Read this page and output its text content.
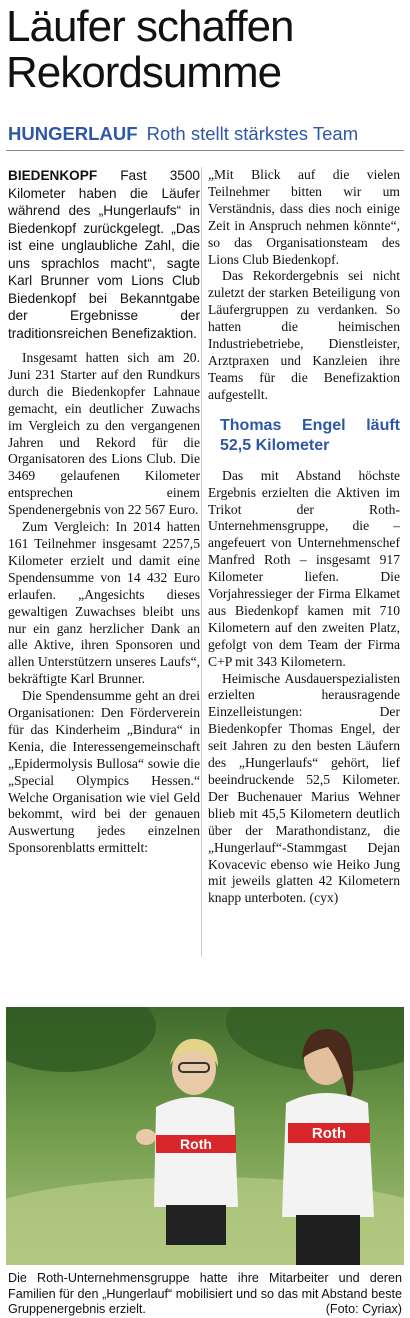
Läufer schaffen Rekordsumme
HUNGERLAUF Roth stellt stärkstes Team

BIEDENKOPF Fast 3500 Kilometer haben die Läufer während des „Hungerlaufs“ in Biedenkopf zurückgelegt. „Das ist eine unglaubliche Zahl, die uns sprachlos macht“, sagte Karl Brunner vom Lions Club Biedenkopf bei Bekanntgabe der Ergebnisse der traditionsreichen Benefizaktion.

Insgesamt hatten sich am 20. Juni 231 Starter auf den Rundkurs durch die Biedenkopfer Lahnaue gemacht, ein deutlicher Zuwachs im Vergleich zu den vergangenen Jahren und Rekord für die Organisatoren des Lions Club. Die 3469 gelaufenen Kilometer entsprechen einem Spendenergebnis von 22 567 Euro.

Zum Vergleich: In 2014 hatten 161 Teilnehmer insgesamt 2257,5 Kilometer erzielt und damit eine Spendensumme von 14 432 Euro erlaufen. „Angesichts dieses gewaltigen Zuwachses bleibt uns nur ein ganz herzlicher Dank an alle Aktive, ihren Sponsoren und allen Unterstützern unseres Laufs“, bekräftigte Karl Brunner.

Die Spendensumme geht an drei Organisationen: Den Förderverein für das Kinderheim „Bindura“ in Kenia, die Interessengemeinschaft „Epidermolysis Bullosa“ sowie die „Special Olympics Hessen.“ Welche Organisation wie viel Geld bekommt, wird bei der genauen Auswertung jedes einzelnen Sponsorenblatts ermittelt:

„Mit Blick auf die vielen Teilnehmer bitten wir um Verständnis, dass dies noch einige Zeit in Anspruch nehmen könnte“, so das Organisationsteam des Lions Club Biedenkopf.

Das Rekordergebnis sei nicht zuletzt der starken Beteiligung von Läufergruppen zu verdanken. So hatten die heimischen Industriebetriebe, Dienstleister, Arztpraxen und Kanzleien ihre Teams für die Benefizaktion aufgestellt.

Thomas Engel läuft 52,5 Kilometer

Das mit Abstand höchste Ergebnis erzielten die Aktiven im Trikot der Roth-Unternehmensgruppe, die – angefeuert von Unternehmenschef Manfred Roth – insgesamt 917 Kilometer liefen. Die Vorjahressieger der Firma Elkamet aus Biedenkopf kamen mit 710 Kilometern auf den zweiten Platz, gefolgt von dem Team der Firma C+P mit 343 Kilometern.

Heimische Ausdauerspezialisten erzielten herausragende Einzelleistungen: Der Biedenkopfer Thomas Engel, der seit Jahren zu den besten Läufern des „Hungerlaufs“ gehört, lief beeindruckende 52,5 Kilometer. Der Buchenauer Marius Wehner blieb mit 45,5 Kilometern deutlich über der Marathondistanz, die „Hungerlauf“-Stammgast Dejan Kovacevic ebenso wie Heiko Jung mit jeweils glatten 42 Kilometern knapp unterboten. (cyx)

Roth
Roth
Die Roth-Unternehmensgruppe hatte ihre Mitarbeiter und deren Familien für den „Hungerlauf“ mobilisiert und so das mit Abstand beste Gruppenergebnis erzielt.	(Foto: Cyriax)
